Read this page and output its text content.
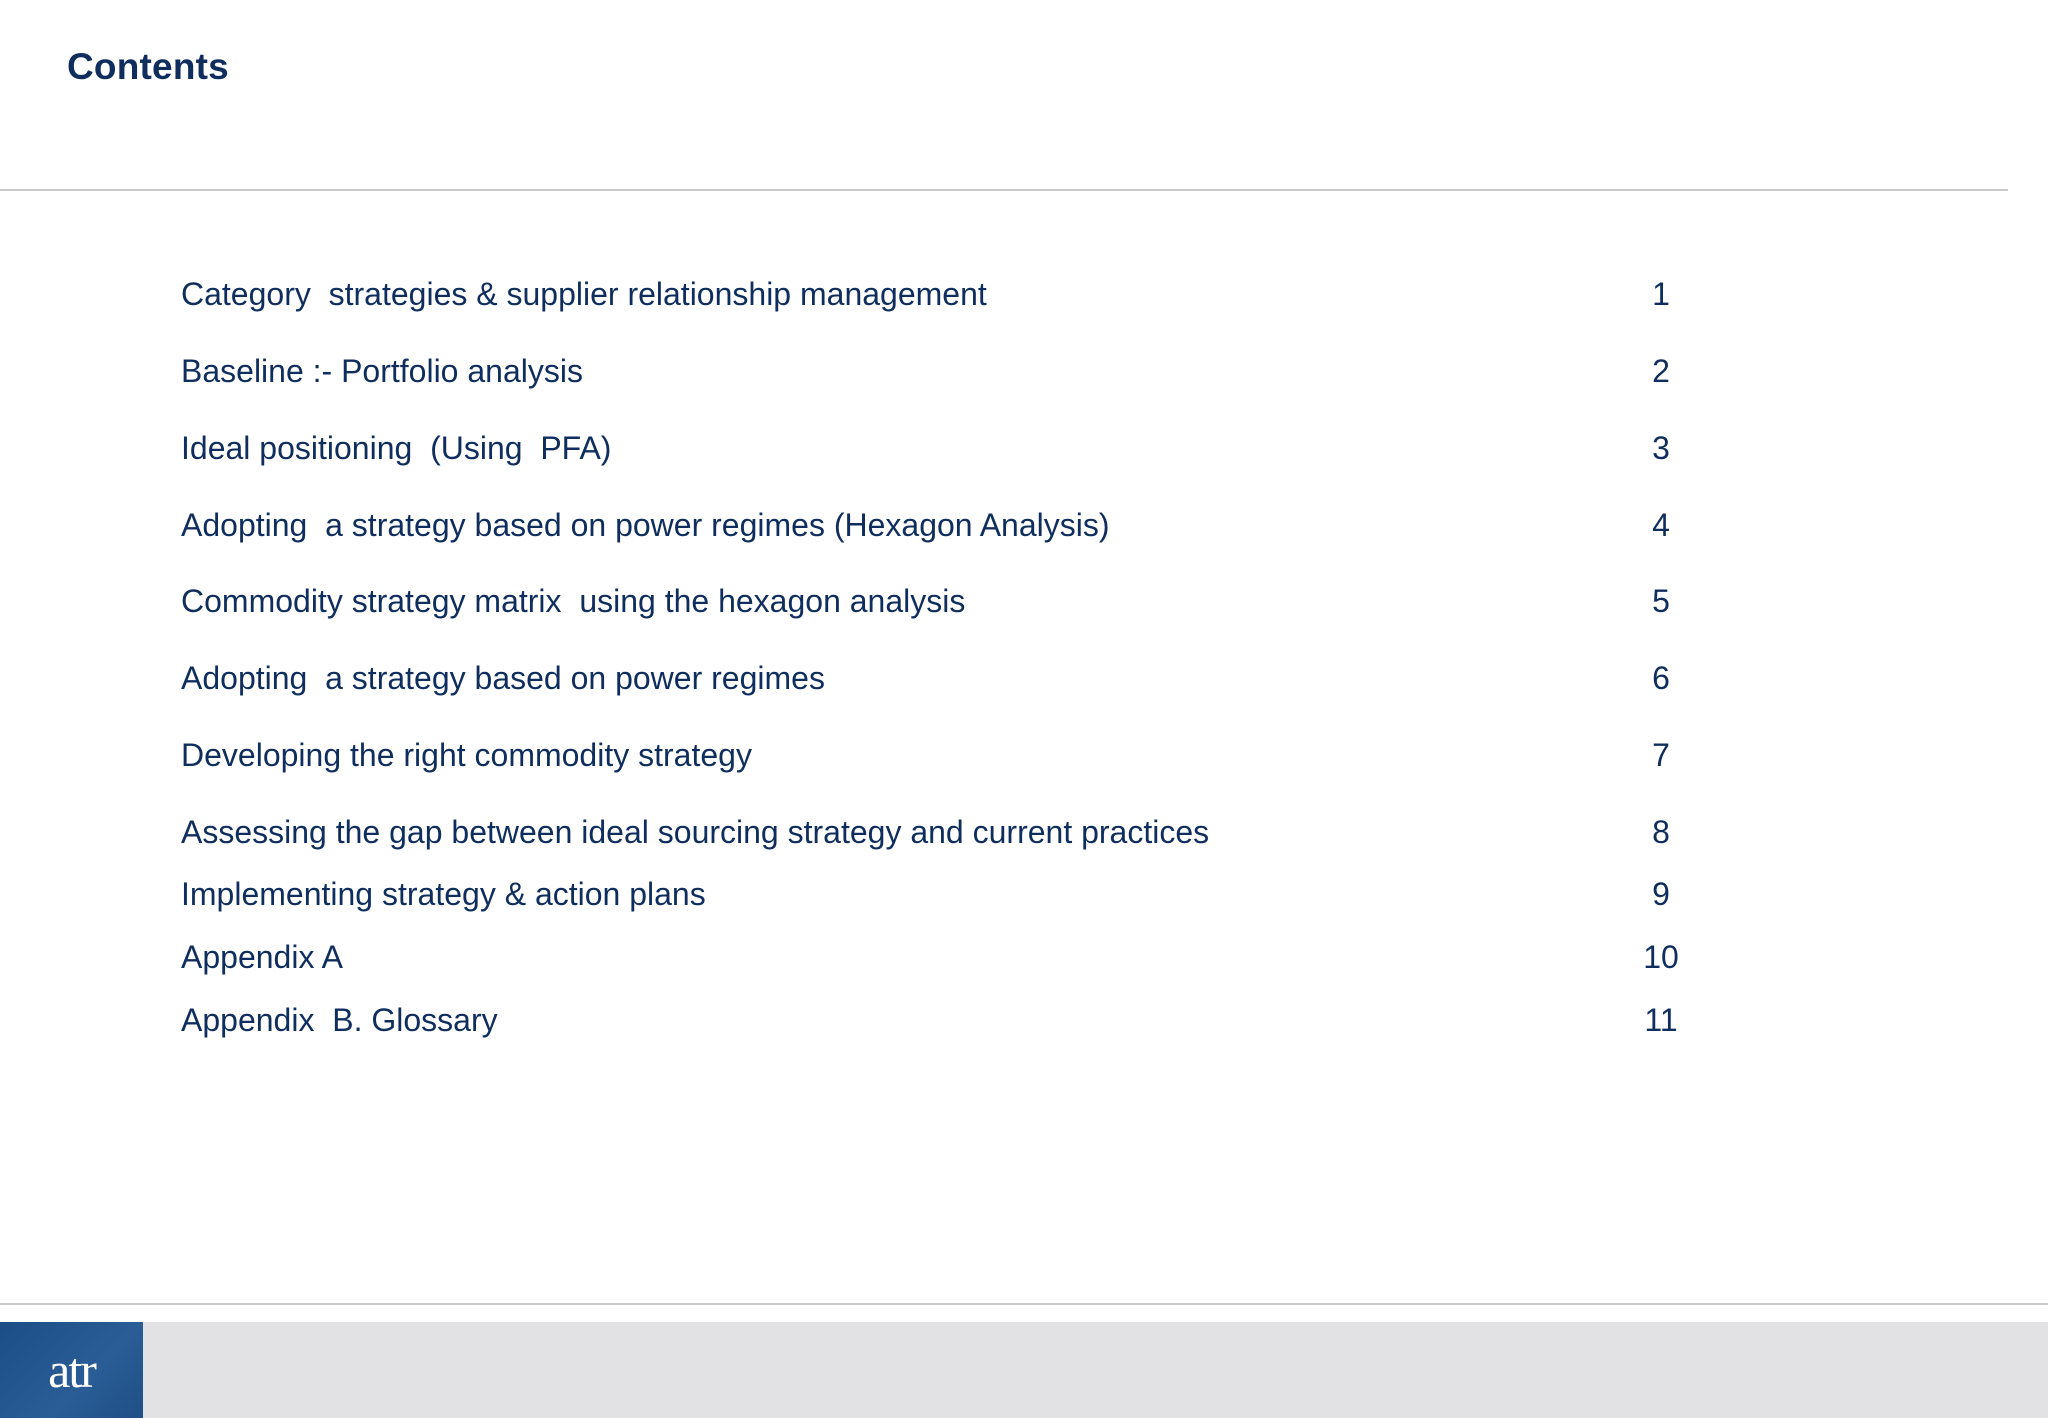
Contents
Category  strategies & supplier relationship management	1
Baseline :- Portfolio analysis	2
Ideal positioning  (Using  PFA)	3
Adopting  a strategy based on power regimes (Hexagon Analysis)	4
Commodity strategy matrix  using the hexagon analysis	5
Adopting  a strategy based on power regimes	6
Developing the right commodity strategy	7
Assessing the gap between ideal sourcing strategy and current practices	8
Implementing strategy & action plans	9
Appendix A	10
Appendix  B. Glossary	11
atr
